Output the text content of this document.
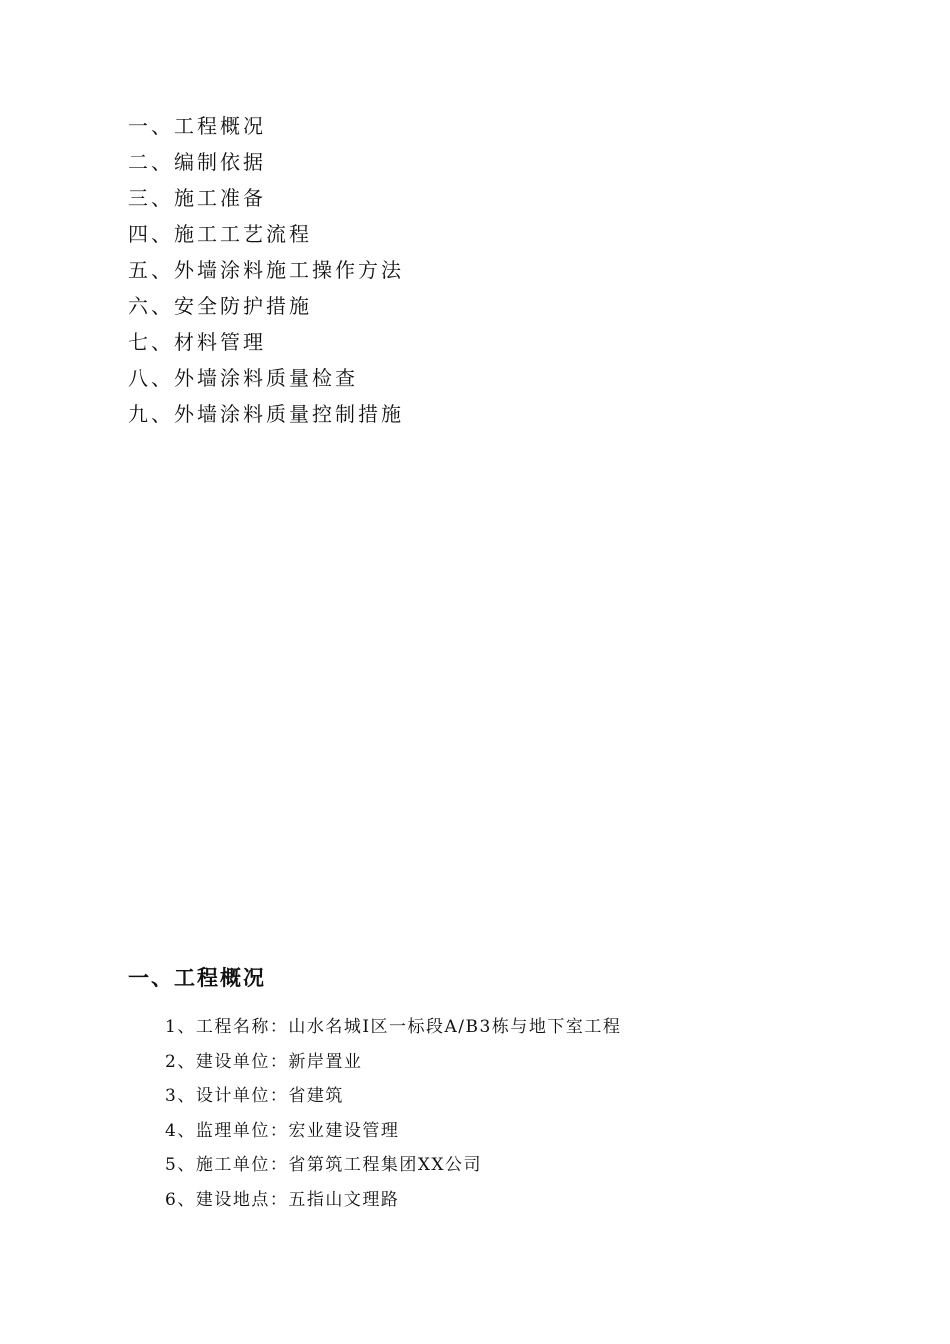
一、工程概况
二、编制依据
三、施工准备
四、施工工艺流程
五、外墙涂料施工操作方法
六、安全防护措施
七、材料管理
八、外墙涂料质量检查
九、外墙涂料质量控制措施
一、工程概况
1、工程名称：山水名城Ⅰ区一标段A/B3栋与地下室工程
2、建设单位：新岸置业
3、设计单位：省建筑
4、监理单位：宏业建设管理
5、施工单位：省第筑工程集团XX公司
6、建设地点：五指山文理路
